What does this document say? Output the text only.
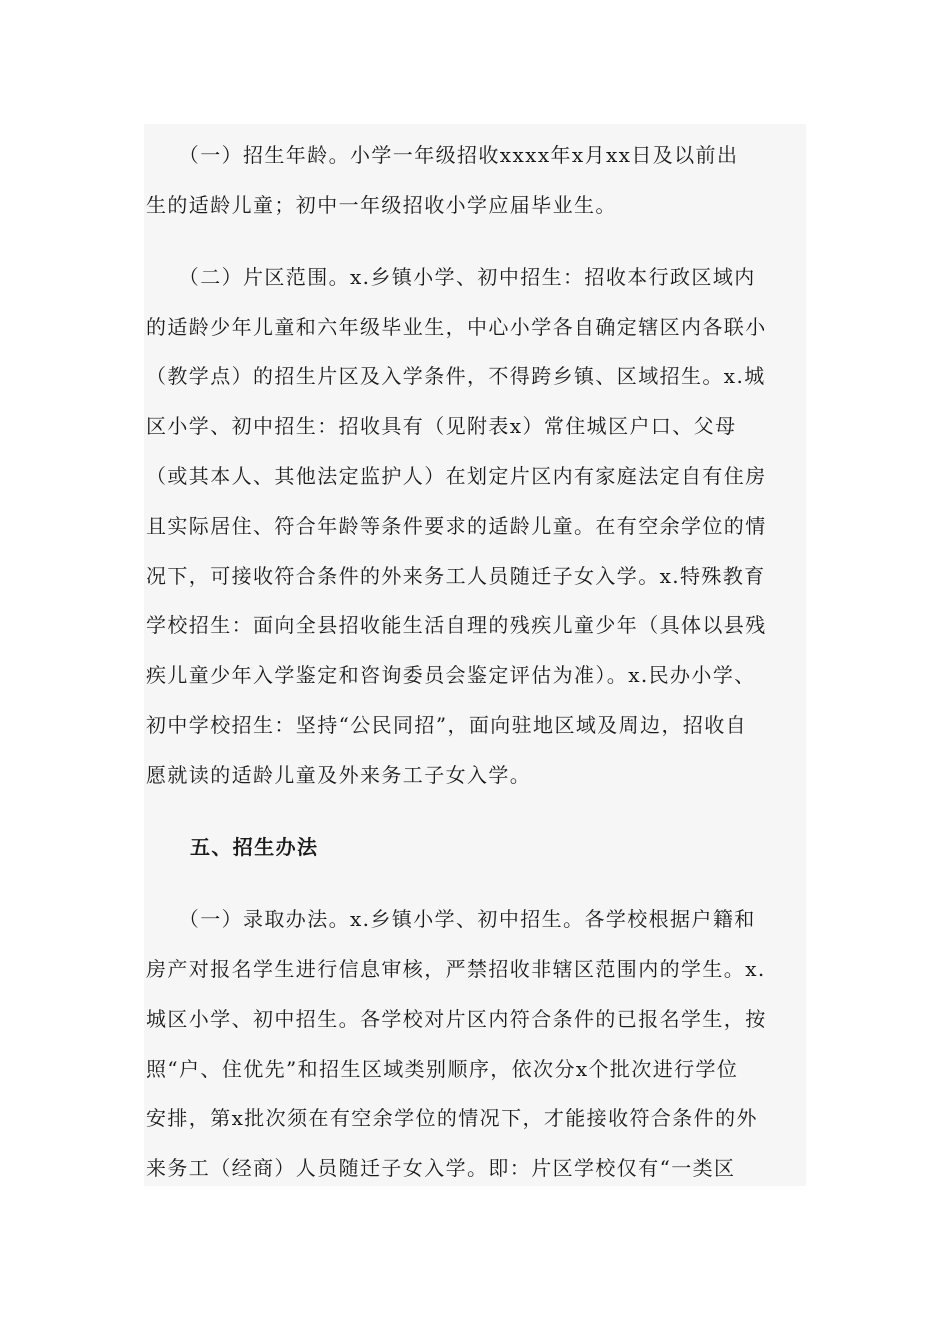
　　（一）招生年龄。小学一年级招收xxxx年x月xx日及以前出

生的适龄儿童；初中一年级招收小学应届毕业生。

　　（二）片区范围。x.乡镇小学、初中招生：招收本行政区域内

的适龄少年儿童和六年级毕业生，中心小学各自确定辖区内各联小

（教学点）的招生片区及入学条件，不得跨乡镇、区域招生。x.城

区小学、初中招生：招收具有（见附表x）常住城区户口、父母

（或其本人、其他法定监护人）在划定片区内有家庭法定自有住房

且实际居住、符合年龄等条件要求的适龄儿童。在有空余学位的情

况下，可接收符合条件的外来务工人员随迁子女入学。x.特殊教育

学校招生：面向全县招收能生活自理的残疾儿童少年（具体以县残

疾儿童少年入学鉴定和咨询委员会鉴定评估为准）。x.民办小学、

初中学校招生：坚持“公民同招”，面向驻地区域及周边，招收自

愿就读的适龄儿童及外来务工子女入学。

五、招生办法

　　（一）录取办法。x.乡镇小学、初中招生。各学校根据户籍和

房产对报名学生进行信息审核，严禁招收非辖区范围内的学生。x.

城区小学、初中招生。各学校对片区内符合条件的已报名学生，按

照“户、住优先”和招生区域类别顺序，依次分x个批次进行学位

安排，第x批次须在有空余学位的情况下，才能接收符合条件的外

来务工（经商）人员随迁子女入学。即：片区学校仅有“一类区
